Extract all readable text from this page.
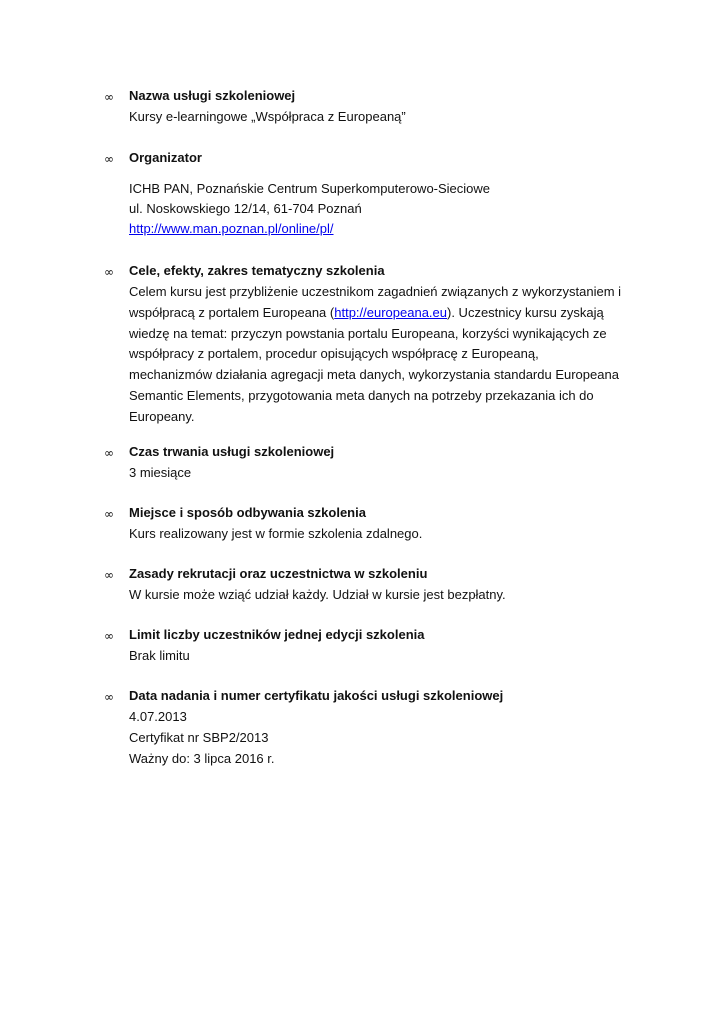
∞ Nazwa usługi szkoleniowej
Kursy e-learningowe „Współpraca z Europeaną”
∞ Organizator
ICHB PAN, Poznańskie Centrum Superkomputerowo-Sieciowe
ul. Noskowskiego 12/14, 61-704 Poznań
http://www.man.poznan.pl/online/pl/
∞ Cele, efekty, zakres tematyczny szkolenia
Celem kursu jest przybliżenie uczestnikom zagadnień związanych z wykorzystaniem i
współpracą z portalem Europeana (http://europeana.eu). Uczestnicy kursu zyskają
wiedzę na temat: przyczyn powstania portalu Europeana, korzyści wynikających ze
współpracy z portalem, procedur opisujących współpracę z Europeaną,
mechanizmów działania agregacji meta danych, wykorzystania standardu Europeana
Semantic Elements, przygotowania meta danych na potrzeby przekazania ich do
Europeany.
∞ Czas trwania usługi szkoleniowej
3 miesiące
∞ Miejsce i sposób odbywania szkolenia
Kurs realizowany jest w formie szkolenia zdalnego.
∞ Zasady rekrutacji oraz uczestnictwa w szkoleniu
W kursie może wziąć udział każdy. Udział w kursie jest bezpłatny.
∞ Limit liczby uczestników jednej edycji szkolenia
Brak limitu
∞ Data nadania i numer certyfikatu jakości usługi szkoleniowej
4.07.2013
Certyfikat nr SBP2/2013
Ważny do: 3 lipca 2016 r.
